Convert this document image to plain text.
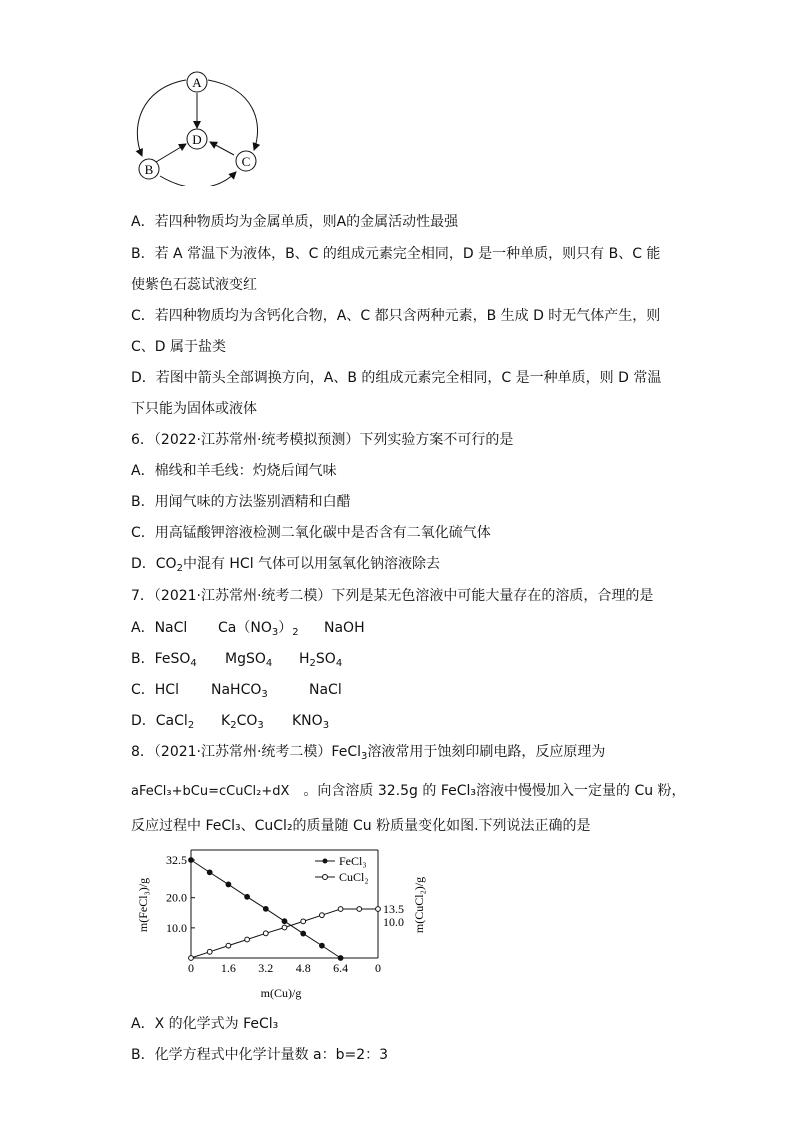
A
D
B
C
A．若四种物质均为金属单质，则A的金属活动性最强
B．若 A 常温下为液体，B、C 的组成元素完全相同，D 是一种单质，则只有 B、C 能
使紫色石蕊试液变红
C．若四种物质均为含钙化合物，A、C 都只含两种元素，B 生成 D 时无气体产生，则
C、D 属于盐类
D．若图中箭头全部调换方向，A、B 的组成元素完全相同，C 是一种单质，则 D 常温
下只能为固体或液体
6．（2022·江苏常州·统考模拟预测）下列实验方案不可行的是
A．棉线和羊毛线：灼烧后闻气味
B．用闻气味的方法鉴别酒精和白醋
C．用高锰酸钾溶液检测二氧化碳中是否含有二氧化硫气体
D．$CO_2$中混有 HCl 气体可以用氢氧化钠溶液除去
7．（2021·江苏常州·统考二模）下列是某无色溶液中可能大量存在的溶质，合理的是
A．NaCl $Ca(NO_3)_2$ NaOH
B．FeSO$_4$ MgSO$_4$ $H_2SO_4$
C．HCl NaHCO$_3$	NaCl
D．CaCl$_2$ $K_2CO_3$ $KNO_3$
8．（2021·江苏常州·统考二模）FeCl$_3$溶液常用于蚀刻印刷电路，反应原理为
aFeCl₃+bCu=cCuCl₂+dX 。向含溶质 32.5g 的 FeCl₃溶液中慢慢加入一定量的 Cu 粉，
反应过程中 FeCl₃、CuCl₂的质量随 Cu 粉质量变化如图.下列说法正确的是
0 1.6 3.2 4.8 6.4 0
32.5
20.0
10.0
13.5
10.0
FeCl₃
CuCl₂
m(FeCl₃)/g	m(CuCl₂)/g
m(Cu)/g
A．X 的化学式为 FeCl₃
B．化学方程式中化学计量数 a：b=2：3
